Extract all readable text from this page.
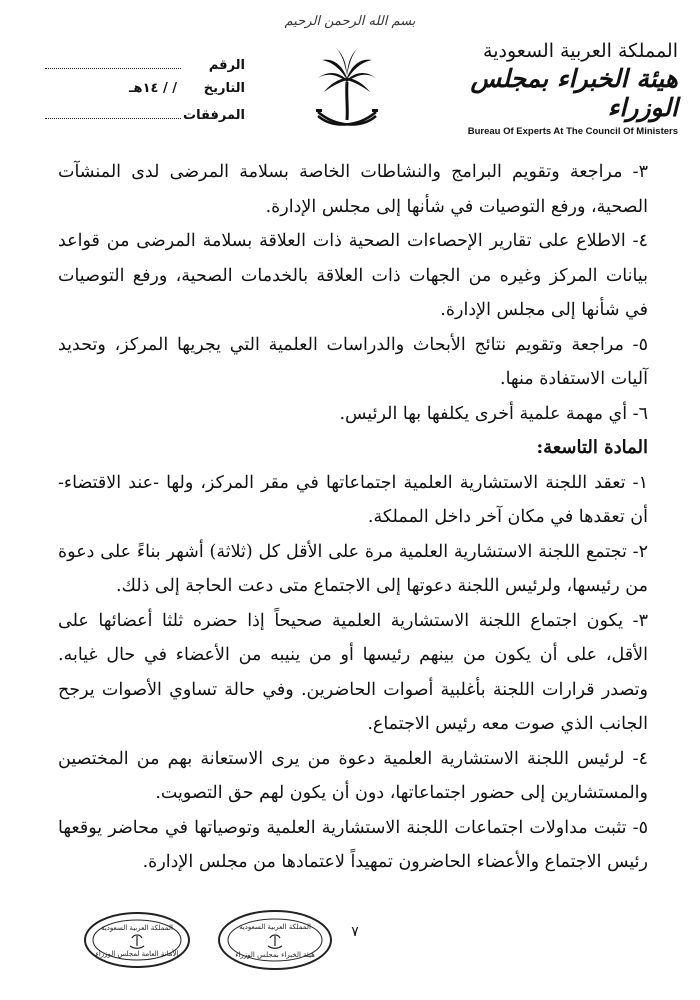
بسم الله الرحمن الرحيم
المملكة العربية السعودية
هيئة الخبراء بمجلس الوزراء
Bureau Of Experts At The Council Of Ministers
الرقم
التاريخ
/ / ١٤هـ
المرفقات

٣- مراجعة وتقويم البرامج والنشاطات الخاصة بسلامة المرضى لدى المنشآت الصحية، ورفع التوصيات في شأنها إلى مجلس الإدارة.

٤- الاطلاع على تقارير الإحصاءات الصحية ذات العلاقة بسلامة المرضى من قواعد بيانات المركز وغيره من الجهات ذات العلاقة بالخدمات الصحية، ورفع التوصيات في شأنها إلى مجلس الإدارة.

٥- مراجعة وتقويم نتائج الأبحاث والدراسات العلمية التي يجريها المركز، وتحديد آليات الاستفادة منها.

٦- أي مهمة علمية أخرى يكلفها بها الرئيس.

المادة التاسعة:

١- تعقد اللجنة الاستشارية العلمية اجتماعاتها في مقر المركز، ولها -عند الاقتضاء- أن تعقدها في مكان آخر داخل المملكة.

٢- تجتمع اللجنة الاستشارية العلمية مرة على الأقل كل (ثلاثة) أشهر بناءً على دعوة من رئيسها، ولرئيس اللجنة دعوتها إلى الاجتماع متى دعت الحاجة إلى ذلك.

٣- يكون اجتماع اللجنة الاستشارية العلمية صحيحاً إذا حضره ثلثا أعضائها على الأقل، على أن يكون من بينهم رئيسها أو من ينيبه من الأعضاء في حال غيابه. وتصدر قرارات اللجنة بأغلبية أصوات الحاضرين. وفي حالة تساوي الأصوات يرجح الجانب الذي صوت معه رئيس الاجتماع.

٤- لرئيس اللجنة الاستشارية العلمية دعوة من يرى الاستعانة بهم من المختصين والمستشارين إلى حضور اجتماعاتها، دون أن يكون لهم حق التصويت.

٥- تثبت مداولات اجتماعات اللجنة الاستشارية العلمية وتوصياتها في محاضر يوقعها رئيس الاجتماع والأعضاء الحاضرون تمهيداً لاعتمادها من مجلس الإدارة.

٧
المملكة العربية السعودية
الأمانة العامة لمجلس الوزراء
المملكة العربية السعودية
هيئة الخبراء بمجلس الوزراء
